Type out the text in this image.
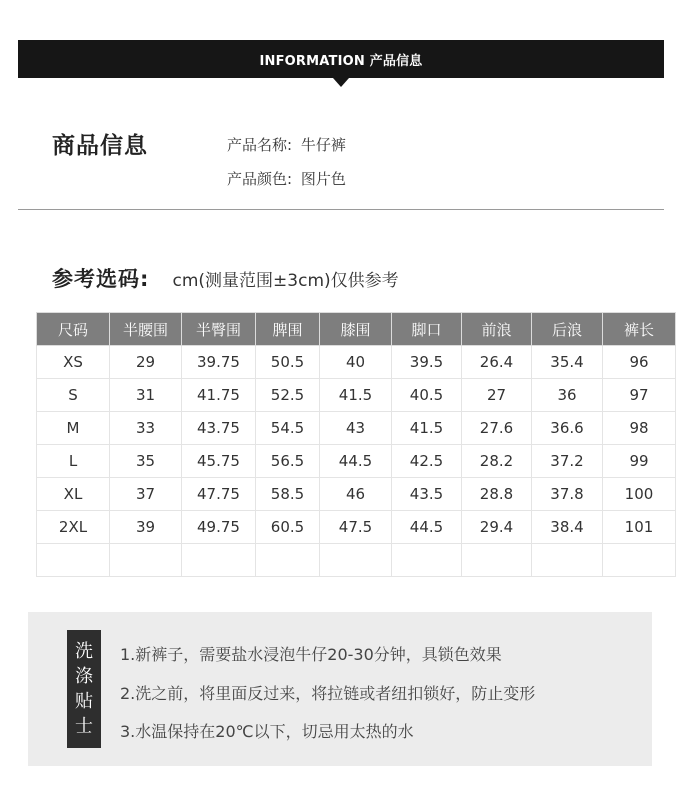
INFORMATION 产品信息
商品信息	产品名称: 牛仔裤
产品颜色: 图片色
参考选码: cm(测量范围±3cm)仅供参考
尺码	半腰围	半臀围	脾围	膝围	脚口	前浪	后浪	裤长
XS	29	39.75	50.5	40	39.5	26.4	35.4	96
S	31	41.75	52.5	41.5	40.5	27	36	97
M	33	43.75	54.5	43	41.5	27.6	36.6	98
L	35	45.75	56.5	44.5	42.5	28.2	37.2	99
XL	37	47.75	58.5	46	43.5	28.8	37.8	100
2XL	39	49.75	60.5	47.5	44.5	29.4	38.4	101

洗
涤
贴
士
1.新裤子，需要盐水浸泡牛仔20-30分钟，具锁色效果
2.洗之前，将里面反过来，将拉链或者纽扣锁好，防止变形
3.水温保持在20℃以下，切忌用太热的水
